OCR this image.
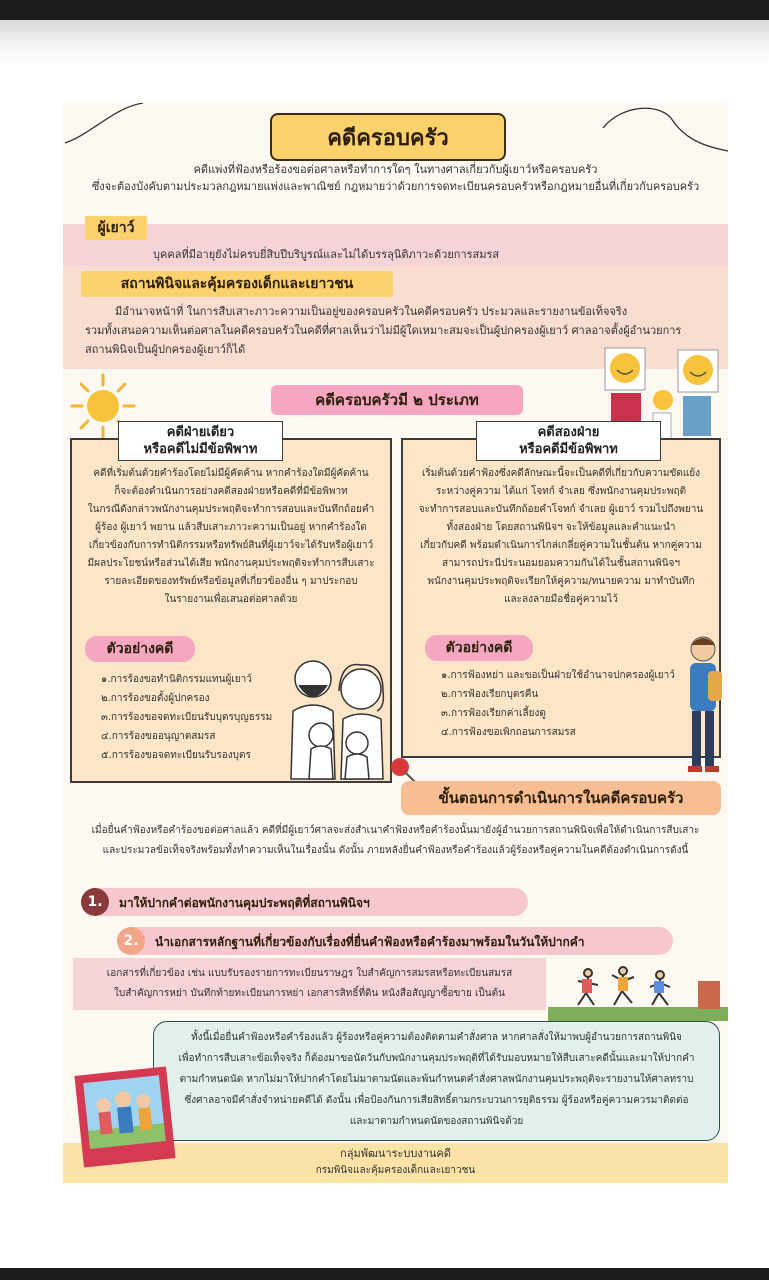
คดีครอบครัว
คดีแพ่งที่ฟ้องหรือร้องขอต่อศาลหรือทำการใดๆ ในทางศาลเกี่ยวกับผู้เยาว์หรือครอบครัว
ซึ่งจะต้องบังคับตามประมวลกฎหมายแพ่งและพาณิชย์ กฎหมายว่าด้วยการจดทะเบียนครอบครัวหรือกฎหมายอื่นที่เกี่ยวกับครอบครัว
ผู้เยาว์
บุคคลที่มีอายุยังไม่ครบยี่สิบปีบริบูรณ์และไม่ได้บรรลุนิติภาวะด้วยการสมรส
สถานพินิจและคุ้มครองเด็กและเยาวชน
มีอำนาจหน้าที่ ในการสืบเสาะภาวะความเป็นอยู่ของครอบครัวในคดีครอบครัว ประมวลและรายงานข้อเท็จจริง
รวมทั้งเสนอความเห็นต่อศาลในคดีครอบครัวในคดีที่ศาลเห็นว่าไม่มีผู้ใดเหมาะสมจะเป็นผู้ปกครองผู้เยาว์ ศาลอาจตั้งผู้อำนวยการ
สถานพินิจเป็นผู้ปกครองผู้เยาว์ก็ได้
คดีครอบครัวมี ๒ ประเภท
คดีฝ่ายเดียว
หรือคดีไม่มีข้อพิพาท
คดีที่เริ่มต้นด้วยคำร้องโดยไม่มีผู้คัดค้าน หากคำร้องใดมีผู้คัดค้าน
ก็จะต้องดำเนินการอย่างคดีสองฝ่ายหรือคดีที่มีข้อพิพาท
ในกรณีดังกล่าวพนักงานคุมประพฤติจะทำการสอบและบันทึกถ้อยคำ
ผู้ร้อง ผู้เยาว์ พยาน แล้วสืบเสาะภาวะความเป็นอยู่ หากคำร้องใด
เกี่ยวข้องกับการทำนิติกรรมหรือทรัพย์สินที่ผู้เยาว์จะได้รับหรือผู้เยาว์
มีผลประโยชน์หรือส่วนได้เสีย พนักงานคุมประพฤติจะทำการสืบเสาะ
รายละเอียดของทรัพย์หรือข้อมูลที่เกี่ยวข้องอื่น ๆ มาประกอบ
ในรายงานเพื่อเสนอต่อศาลด้วย
ตัวอย่างคดี
๑.การร้องขอทำนิติกรรมแทนผู้เยาว์
๒.การร้องขอตั้งผู้ปกครอง
๓.การร้องขอจดทะเบียนรับบุตรบุญธรรม
๔.การร้องขออนุญาตสมรส
๕.การร้องขอจดทะเบียนรับรองบุตร
คดีสองฝ่าย
หรือคดีมีข้อพิพาท
เริ่มต้นด้วยคำฟ้องซึ่งคดีลักษณะนี้จะเป็นคดีที่เกี่ยวกับความขัดแย้ง
ระหว่างคู่ความ ได้แก่ โจทก์ จำเลย ซึ่งพนักงานคุมประพฤติ
จะทำการสอบและบันทึกถ้อยคำโจทก์ จำเลย ผู้เยาว์ รวมไปถึงพยาน
ทั้งสองฝ่าย โดยสถานพินิจฯ จะให้ข้อมูลและคำแนะนำ
เกี่ยวกับคดี พร้อมดำเนินการไกล่เกลี่ยคู่ความในชั้นต้น หากคู่ความ
สามารถประนีประนอมยอมความกันได้ในชั้นสถานพินิจฯ
พนักงานคุมประพฤติจะเรียกให้คู่ความ/ทนายความ มาทำบันทึก
และลงลายมือชื่อคู่ความไว้
ตัวอย่างคดี
๑.การฟ้องหย่า และขอเป็นฝ่ายใช้อำนาจปกครองผู้เยาว์
๒.การฟ้องเรียกบุตรคืน
๓.การฟ้องเรียกค่าเลี้ยงดู
๔.การฟ้องขอเพิกถอนการสมรส
ขั้นตอนการดำเนินการในคดีครอบครัว
เมื่อยื่นคำฟ้องหรือคำร้องขอต่อศาลแล้ว คดีที่มีผู้เยาว์ศาลจะส่งสำเนาคำฟ้องหรือคำร้องนั้นมายังผู้อำนวยการสถานพินิจเพื่อให้ดำเนินการสืบเสาะ
และประมวลข้อเท็จจริงพร้อมทั้งทำความเห็นในเรื่องนั้น ดังนั้น ภายหลังยื่นคำฟ้องหรือคำร้องแล้วผู้ร้องหรือคู่ความในคดีต้องดำเนินการดังนี้
1.	มาให้ปากคำต่อพนักงานคุมประพฤติที่สถานพินิจฯ
2.	นำเอกสารหลักฐานที่เกี่ยวข้องกับเรื่องที่ยื่นคำฟ้องหรือคำร้องมาพร้อมในวันให้ปากคำ
เอกสารที่เกี่ยวข้อง เช่น แบบรับรองรายการทะเบียนราษฎร ใบสำคัญการสมรสหรือทะเบียนสมรส
ใบสำคัญการหย่า บันทึกท้ายทะเบียนการหย่า เอกสารสิทธิ์ที่ดิน หนังสือสัญญาซื้อขาย เป็นต้น
ทั้งนี้เมื่อยื่นคำฟ้องหรือคำร้องแล้ว ผู้ร้องหรือคู่ความต้องติดตามคำสั่งศาล หากศาลสั่งให้มาพบผู้อำนวยการสถานพินิจ
เพื่อทำการสืบเสาะข้อเท็จจริง ก็ต้องมาขอนัดวันกับพนักงานคุมประพฤติที่ได้รับมอบหมายให้สืบเสาะคดีนั้นและมาให้ปากคำ
ตามกำหนดนัด หากไม่มาให้ปากคำโดยไม่มาตามนัดและพ้นกำหนดคำสั่งศาลพนักงานคุมประพฤติจะรายงานให้ศาลทราบ
ซึ่งศาลอาจมีคำสั่งจำหน่ายคดีได้ ดังนั้น เพื่อป้องกันการเสียสิทธิ์ตามกระบวนการยุติธรรม ผู้ร้องหรือคู่ความควรมาติดต่อ
และมาตามกำหนดนัดของสถานพินิจด้วย
กลุ่มพัฒนาระบบงานคดี
กรมพินิจและคุ้มครองเด็กและเยาวชน
